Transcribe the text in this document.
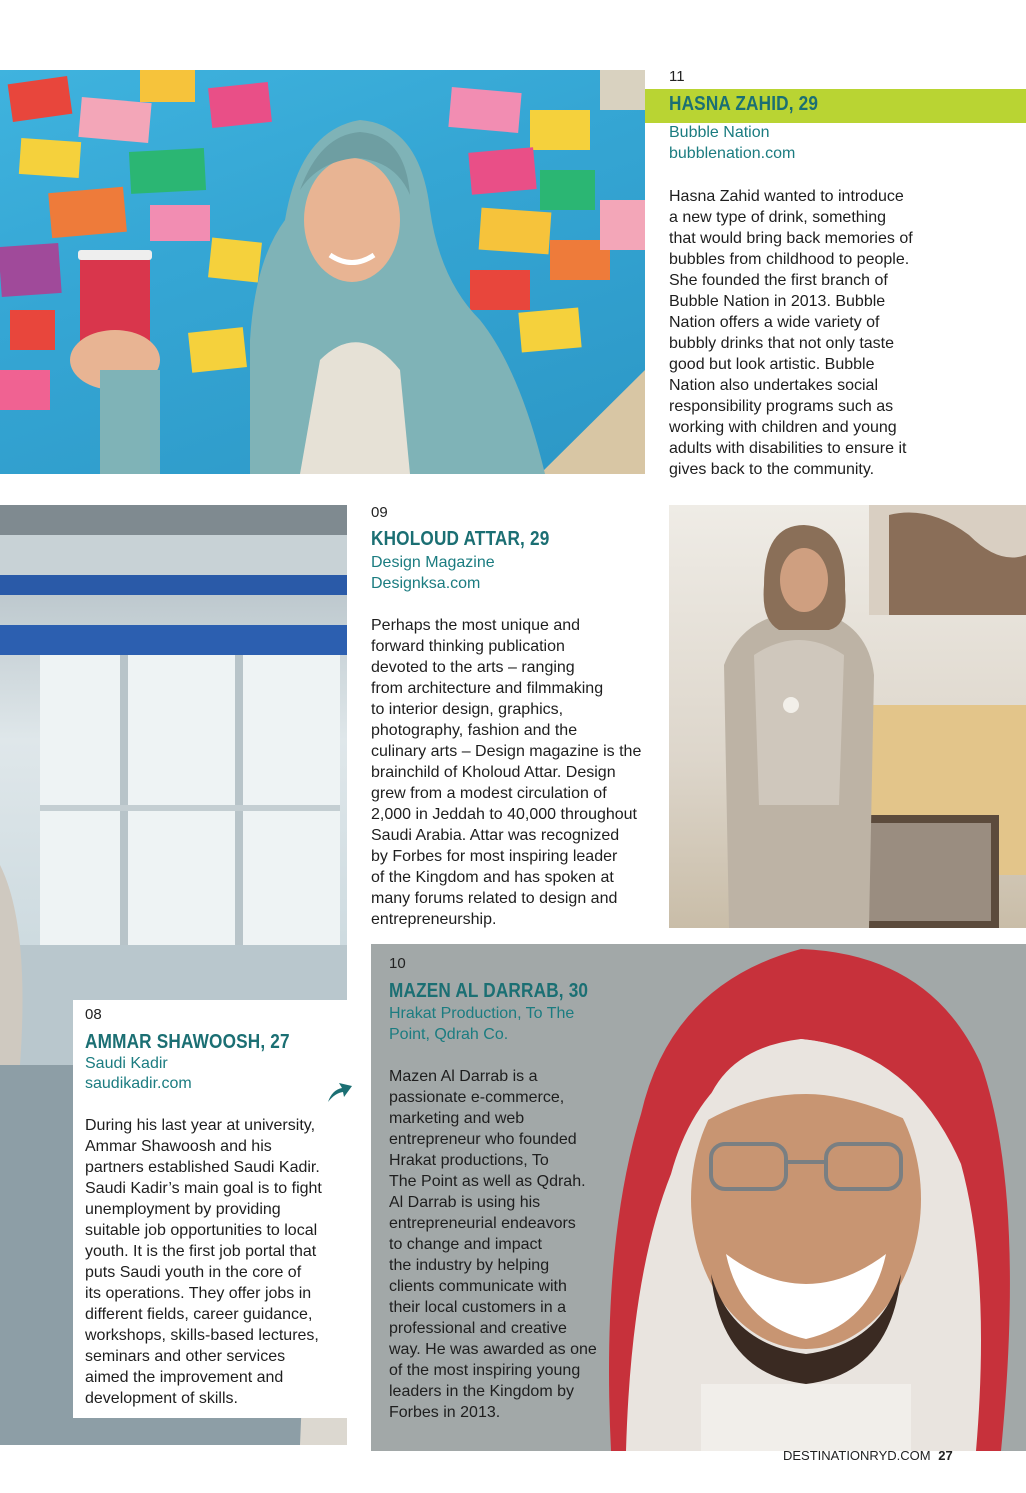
11
HASNA ZAHID, 29
Bubble Nation
bubblenation.com
Hasna Zahid wanted to introduce
a new type of drink, something
that would bring back memories of
bubbles from childhood to people.
She founded the first branch of
Bubble Nation in 2013. Bubble
Nation offers a wide variety of
bubbly drinks that not only taste
good but look artistic. Bubble
Nation also undertakes social
responsibility programs such as
working with children and young
adults with disabilities to ensure it
gives back to the community.
08
AMMAR SHAWOOSH, 27
Saudi Kadir
saudikadir.com
During his last year at university,
Ammar Shawoosh and his
partners established Saudi Kadir.
Saudi Kadir’s main goal is to fight
unemployment by providing
suitable job opportunities to local
youth. It is the first job portal that
puts Saudi youth in the core of
its operations. They offer jobs in
different fields, career guidance,
workshops, skills-based lectures,
seminars and other services
aimed the improvement and
development of skills.
09
KHOLOUD ATTAR, 29
Design Magazine
Designksa.com
Perhaps the most unique and
forward thinking publication
devoted to the arts – ranging
from architecture and filmmaking
to interior design, graphics,
photography, fashion and the
culinary arts – Design magazine is the
brainchild of Kholoud Attar. Design
grew from a modest circulation of
2,000 in Jeddah to 40,000 throughout
Saudi Arabia. Attar was recognized
by Forbes for most inspiring leader
of the Kingdom and has spoken at
many forums related to design and
entrepreneurship.
10
MAZEN AL DARRAB, 30
Hrakat Production, To The
Point, Qdrah Co.
Mazen Al Darrab is a
passionate e-commerce,
marketing and web
entrepreneur who founded
Hrakat productions, To
The Point as well as Qdrah.
Al Darrab is using his
entrepreneurial endeavors
to change and impact
the industry by helping
clients communicate with
their local customers in a
professional and creative
way. He was awarded as one
of the most inspiring young
leaders in the Kingdom by
Forbes in 2013.
DESTINATIONRYD.COM 27
